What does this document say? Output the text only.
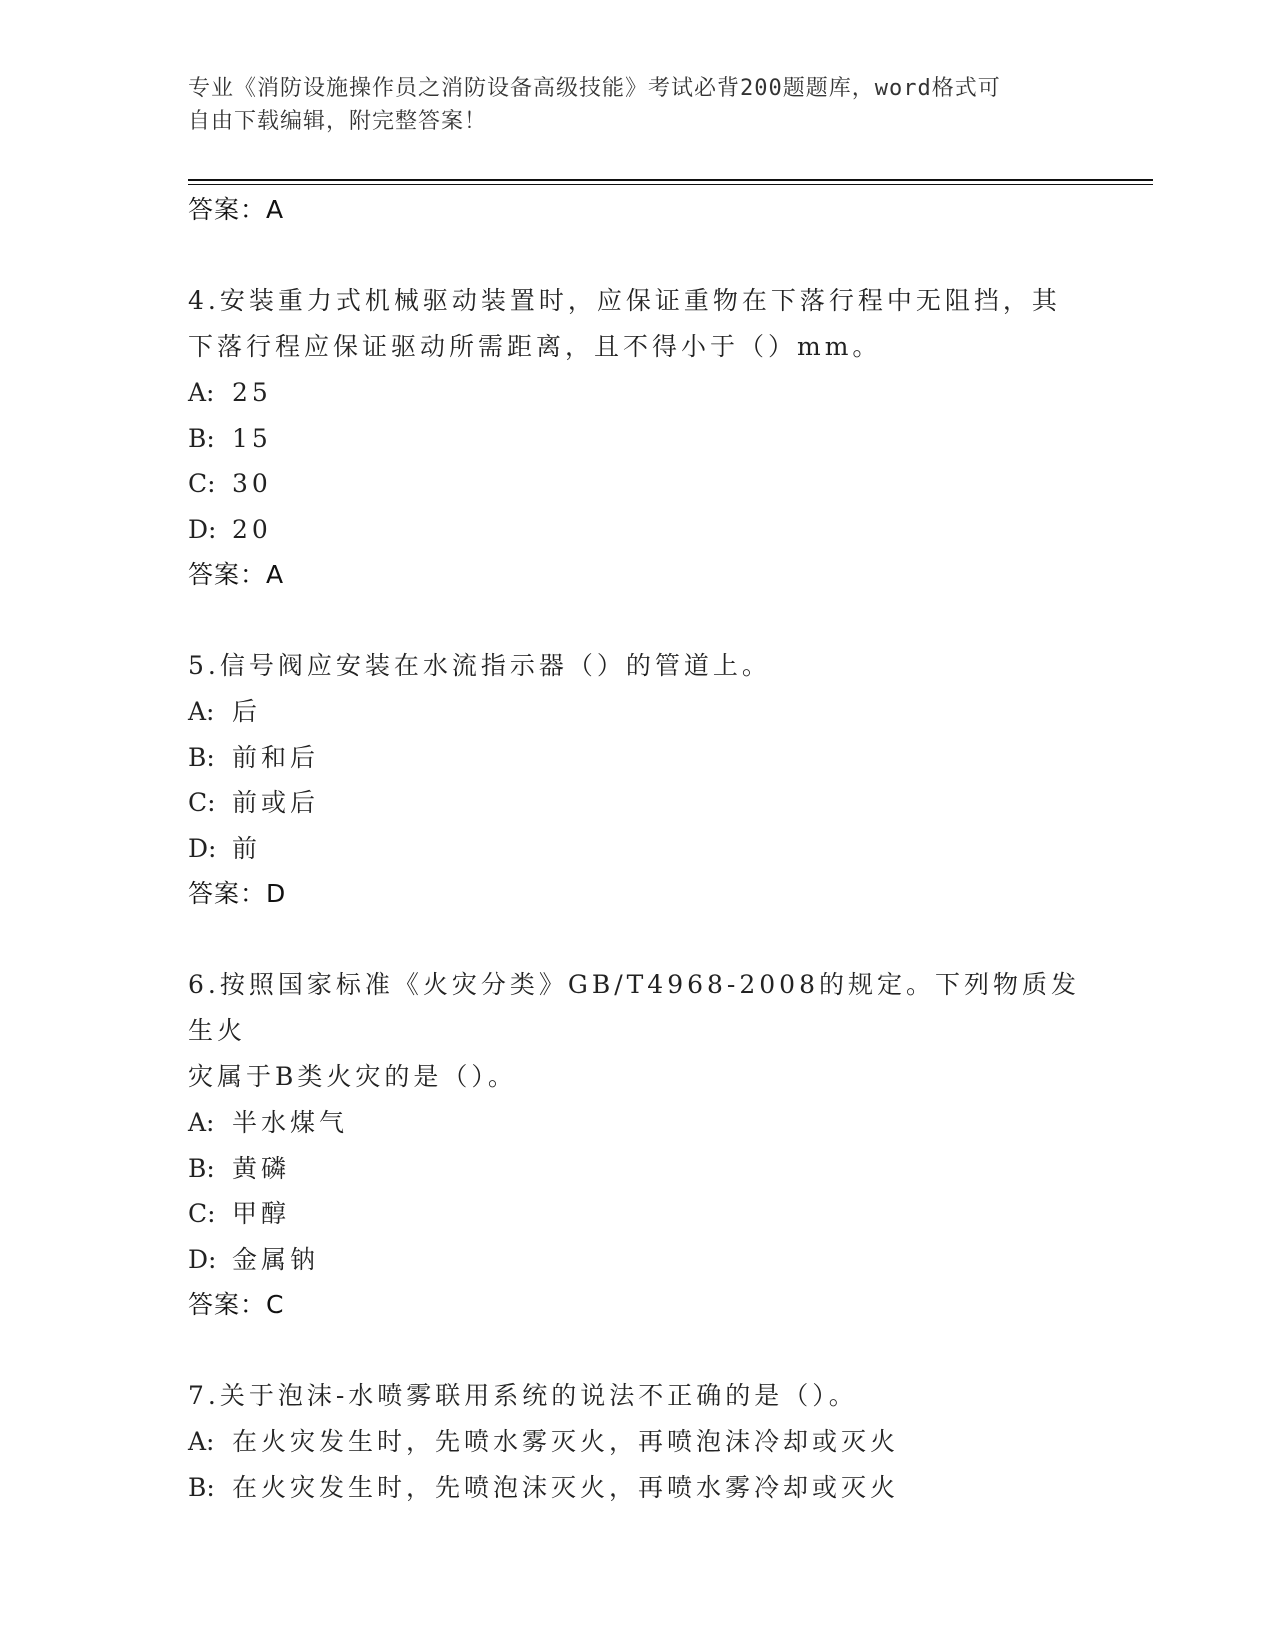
专业《消防设施操作员之消防设备高级技能》考试必背200题题库，word格式可
自由下载编辑，附完整答案！
答案：A
4.安装重力式机械驱动装置时，应保证重物在下落行程中无阻挡，其
下落行程应保证驱动所需距离，且不得小于（）mm。
A: 25
B: 15
C: 30
D: 20
答案：A
5.信号阀应安装在水流指示器（）的管道上。
A: 后
B: 前和后
C: 前或后
D: 前
答案：D
6.按照国家标准《火灾分类》GB/T4968-2008的规定。下列物质发生火
灾属于B类火灾的是（）。
A: 半水煤气
B: 黄磷
C: 甲醇
D: 金属钠
答案：C
7.关于泡沫-水喷雾联用系统的说法不正确的是（）。
A: 在火灾发生时，先喷水雾灭火，再喷泡沫冷却或灭火
B: 在火灾发生时，先喷泡沫灭火，再喷水雾冷却或灭火
